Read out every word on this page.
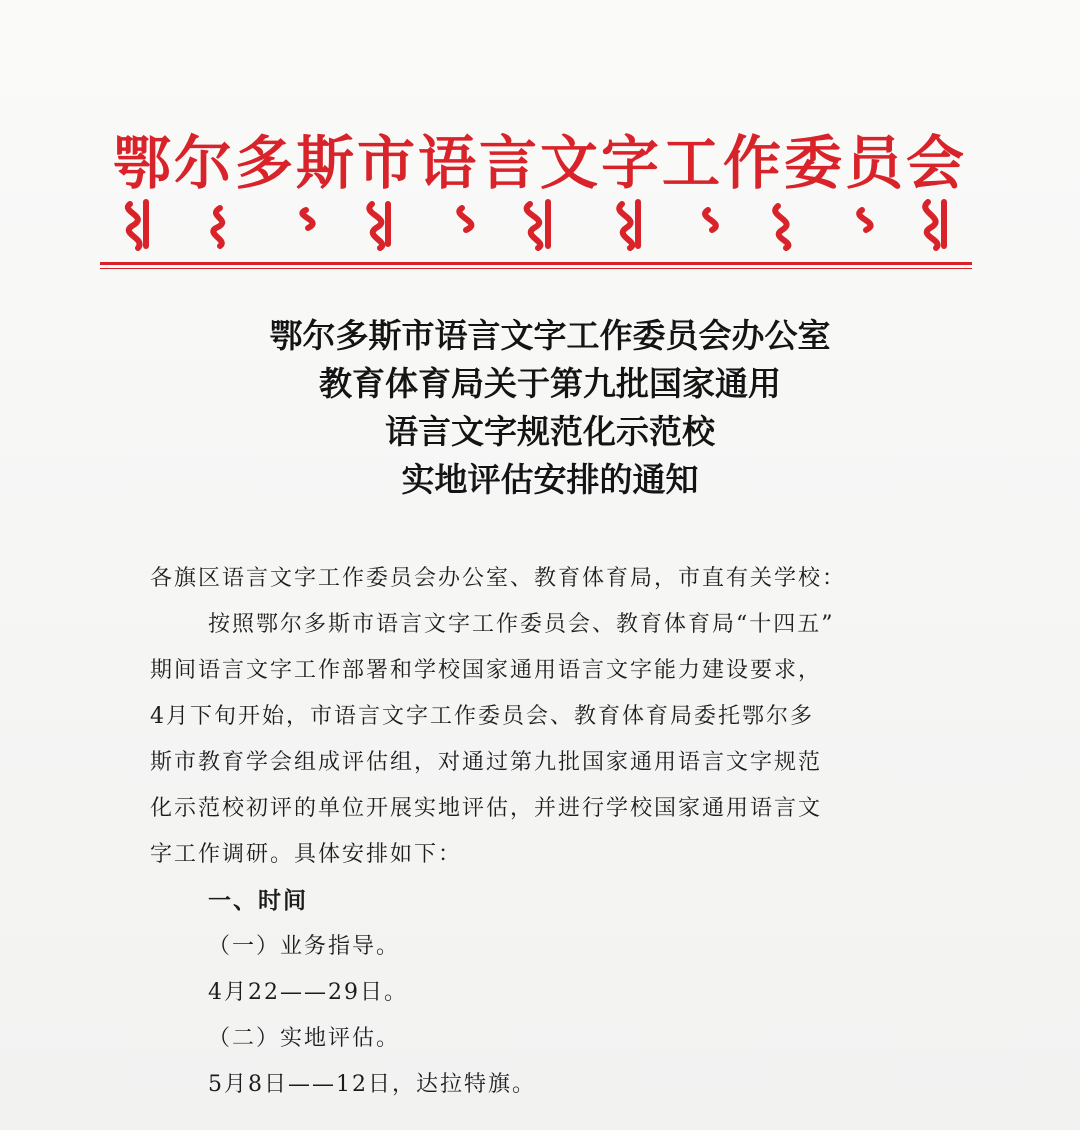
鄂尔多斯市语言文字工作委员会
鄂尔多斯市语言文字工作委员会办公室
教育体育局关于第九批国家通用
语言文字规范化示范校
实地评估安排的通知
各旗区语言文字工作委员会办公室、教育体育局，市直有关学校：
按照鄂尔多斯市语言文字工作委员会、教育体育局“十四五”
期间语言文字工作部署和学校国家通用语言文字能力建设要求，
4月下旬开始，市语言文字工作委员会、教育体育局委托鄂尔多
斯市教育学会组成评估组，对通过第九批国家通用语言文字规范
化示范校初评的单位开展实地评估，并进行学校国家通用语言文
字工作调研。具体安排如下：
一、时间
（一）业务指导。
4月22——29日。
（二）实地评估。
5月8日——12日，达拉特旗。
